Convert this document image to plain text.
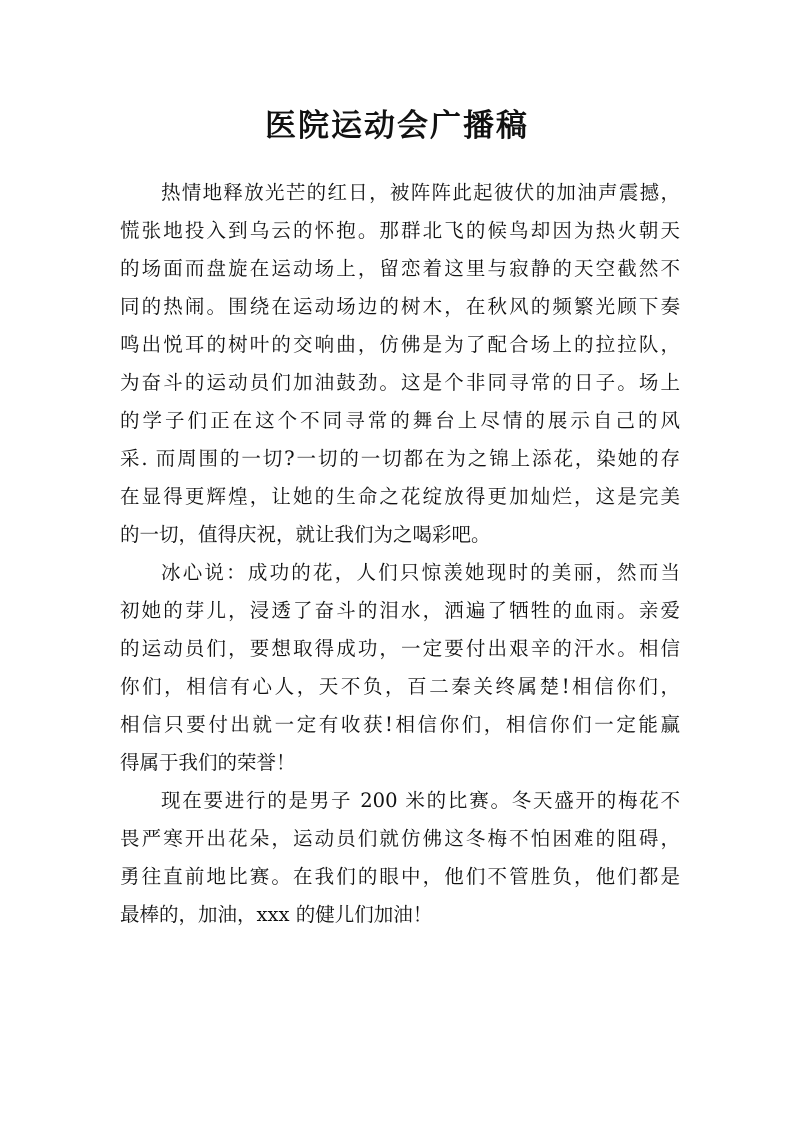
医院运动会广播稿
热情地释放光芒的红日，被阵阵此起彼伏的加油声震撼，
慌张地投入到乌云的怀抱。那群北飞的候鸟却因为热火朝天
的场面而盘旋在运动场上，留恋着这里与寂静的天空截然不
同的热闹。围绕在运动场边的树木，在秋风的频繁光顾下奏
鸣出悦耳的树叶的交响曲，仿佛是为了配合场上的拉拉队，
为奋斗的运动员们加油鼓劲。这是个非同寻常的日子。场上
的学子们正在这个不同寻常的舞台上尽情的展示自己的风
采. 而周围的一切?一切的一切都在为之锦上添花，染她的存
在显得更辉煌，让她的生命之花绽放得更加灿烂，这是完美
的一切，值得庆祝，就让我们为之喝彩吧。
冰心说：成功的花，人们只惊羡她现时的美丽，然而当
初她的芽儿，浸透了奋斗的泪水，洒遍了牺牲的血雨。亲爱
的运动员们，要想取得成功，一定要付出艰辛的汗水。相信
你们，相信有心人，天不负，百二秦关终属楚!相信你们，
相信只要付出就一定有收获!相信你们，相信你们一定能赢
得属于我们的荣誉！
现在要进行的是男子 200 米的比赛。冬天盛开的梅花不
畏严寒开出花朵，运动员们就仿佛这冬梅不怕困难的阻碍，
勇往直前地比赛。在我们的眼中，他们不管胜负，他们都是
最棒的，加油，xxx 的健儿们加油！
